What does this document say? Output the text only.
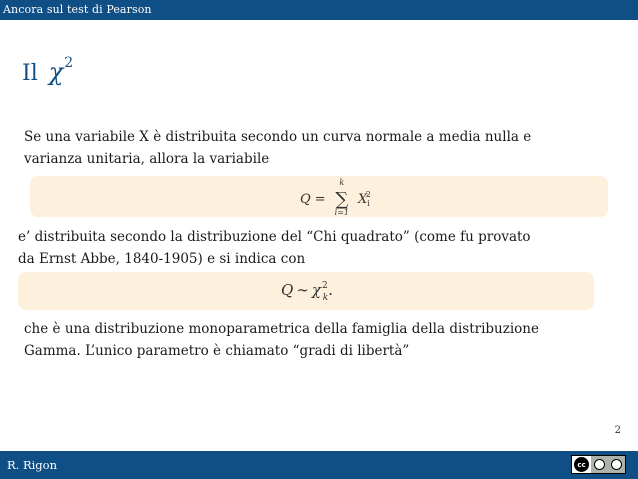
Ancora sul test di Pearson
Il $\chi^2$
Se una variabile X è distribuita secondo un curva normale a media nulla e
varianza unitaria, allora la variabile
Q =
k
∑
i=1
$X_i^2$
e’ distribuita secondo la distribuzione del “Chi quadrato” (come fu provato
da Ernst Abbe, 1840-1905) e si indica con
Q ∼ $\chi^2_k$.
che è una distribuzione monoparametrica della famiglia della distribuzione
Gamma. L’unico parametro è chiamato “gradi di libertà”
2
R. Rigon	cc
